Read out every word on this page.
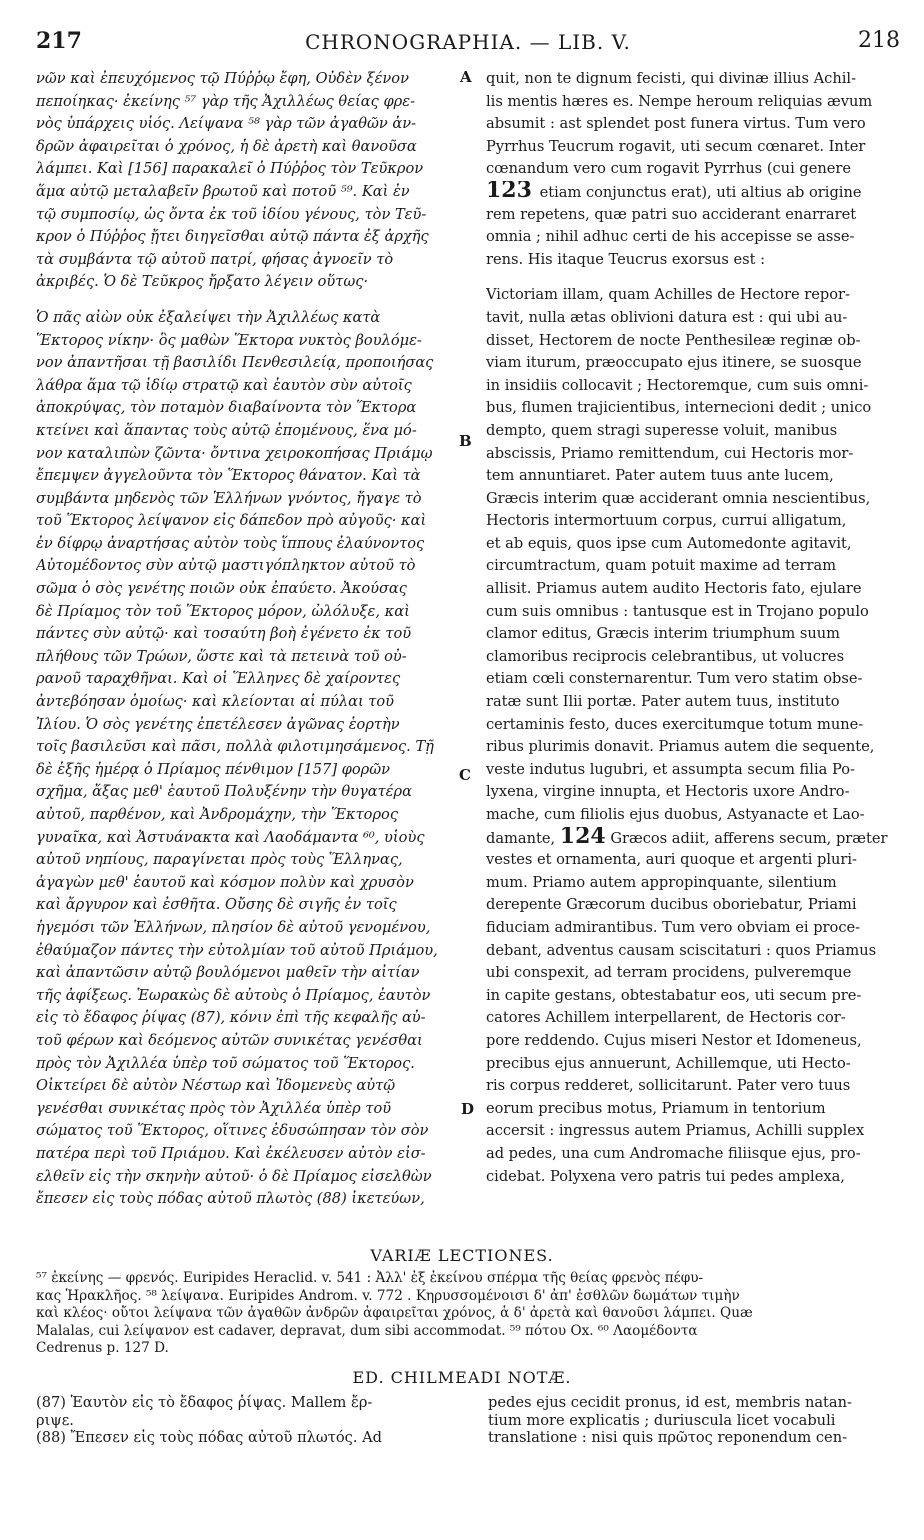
217	CHRONOGRAPHIA. — LIB. V.	218
νῶν καὶ ἐπευχόμενος τῷ Πύῤῥῳ ἔφη, Οὐδὲν ξένον
πεποίηκας· ἐκείνης ⁵⁷ γὰρ τῆς Ἀχιλλέως θείας φρε-
νὸς ὑπάρχεις υἱός. Λείψανα ⁵⁸ γὰρ τῶν ἀγαθῶν ἀν-
δρῶν ἀφαιρεῖται ὁ χρόνος, ἡ δὲ ἀρετὴ καὶ θανοῦσα
λάμπει. Καὶ [156] παρακαλεῖ ὁ Πύῤῥος τὸν Τεῦκρον
ἅμα αὐτῷ μεταλαβεῖν βρωτοῦ καὶ ποτοῦ ⁵⁹. Καὶ ἐν
τῷ συμποσίῳ, ὡς ὄντα ἐκ τοῦ ἰδίου γένους, τὸν Τεῦ-
κρον ὁ Πύῤῥος ᾔτει διηγεῖσθαι αὐτῷ πάντα ἐξ ἀρχῆς
τὰ συμβάντα τῷ αὐτοῦ πατρί, φήσας ἀγνοεῖν τὸ
ἀκριβές. Ὁ δὲ Τεῦκρος ἤρξατο λέγειν οὕτως·
Ὁ πᾶς αἰὼν οὐκ ἐξαλείψει τὴν Ἀχιλλέως κατὰ
Ἕκτορος νίκην· ὃς μαθὼν Ἕκτορα νυκτὸς βουλόμε-
νον ἀπαντῆσαι τῇ βασιλίδι Πενθεσιλείᾳ, προποιήσας
λάθρα ἅμα τῷ ἰδίῳ στρατῷ καὶ ἑαυτὸν σὺν αὐτοῖς
ἀποκρύψας, τὸν ποταμὸν διαβαίνοντα τὸν Ἕκτορα
κτείνει καὶ ἅπαντας τοὺς αὐτῷ ἑπομένους, ἕνα μό-
νον καταλιπὼν ζῶντα· ὄντινα χειροκοπήσας Πριάμῳ
ἔπεμψεν ἀγγελοῦντα τὸν Ἕκτορος θάνατον. Καὶ τὰ
συμβάντα μηδενὸς τῶν Ἑλλήνων γνόντος, ἤγαγε τὸ
τοῦ Ἕκτορος λείψανον εἰς δάπεδον πρὸ αὐγοῦς· καὶ
ἐν δίφρῳ ἀναρτήσας αὐτὸν τοὺς ἵππους ἐλαύνοντος
Αὐτομέδοντος σὺν αὐτῷ μαστιγόπληκτον αὐτοῦ τὸ
σῶμα ὁ σὸς γενέτης ποιῶν οὐκ ἐπαύετο. Ἀκούσας
δὲ Πρίαμος τὸν τοῦ Ἕκτορος μόρον, ὠλόλυξε, καὶ
πάντες σὺν αὐτῷ· καὶ τοσαύτη βοὴ ἐγένετο ἐκ τοῦ
πλήθους τῶν Τρώων, ὥστε καὶ τὰ πετεινὰ τοῦ οὐ-
ρανοῦ ταραχθῆναι. Καὶ οἱ Ἕλληνες δὲ χαίροντες
ἀντεβόησαν ὁμοίως· καὶ κλείονται αἱ πύλαι τοῦ
Ἰλίου. Ὁ σὸς γενέτης ἐπετέλεσεν ἀγῶνας ἑορτὴν
τοῖς βασιλεῦσι καὶ πᾶσι, πολλὰ φιλοτιμησάμενος. Τῇ
δὲ ἑξῆς ἡμέρᾳ ὁ Πρίαμος πένθιμον [157] φορῶν
σχῆμα, ἄξας μεθ' ἑαυτοῦ Πολυξένην τὴν θυγατέρα
αὐτοῦ, παρθένον, καὶ Ἀνδρομάχην, τὴν Ἕκτορος
γυναῖκα, καὶ Ἀστυάνακτα καὶ Λαοδάμαντα ⁶⁰, υἱοὺς
αὐτοῦ νηπίους, παραγίνεται πρὸς τοὺς Ἕλληνας,
ἀγαγὼν μεθ' ἑαυτοῦ καὶ κόσμον πολὺν καὶ χρυσὸν
καὶ ἄργυρον καὶ ἐσθῆτα. Οὔσης δὲ σιγῆς ἐν τοῖς
ἡγεμόσι τῶν Ἑλλήνων, πλησίον δὲ αὐτοῦ γενομένου,
ἐθαύμαζον πάντες τὴν εὐτολμίαν τοῦ αὐτοῦ Πριάμου,
καὶ ἀπαντῶσιν αὐτῷ βουλόμενοι μαθεῖν τὴν αἰτίαν
τῆς ἀφίξεως. Ἑωρακὼς δὲ αὐτοὺς ὁ Πρίαμος, ἑαυτὸν
εἰς τὸ ἔδαφος ῥίψας (87), κόνιν ἐπὶ τῆς κεφαλῆς αὐ-
τοῦ φέρων καὶ δεόμενος αὐτῶν συνικέτας γενέσθαι
πρὸς τὸν Ἀχιλλέα ὑπὲρ τοῦ σώματος τοῦ Ἕκτορος.
Οἰκτείρει δὲ αὐτὸν Νέστωρ καὶ Ἰδομενεὺς αὐτῷ
γενέσθαι συνικέτας πρὸς τὸν Ἀχιλλέα ὑπὲρ τοῦ
σώματος τοῦ Ἕκτορος, οἵτινες ἐδυσώπησαν τὸν σὸν
πατέρα περὶ τοῦ Πριάμου. Καὶ ἐκέλευσεν αὐτὸν εἰσ-
ελθεῖν εἰς τὴν σκηνὴν αὐτοῦ· ὁ δὲ Πρίαμος εἰσελθὼν
ἔπεσεν εἰς τοὺς πόδας αὐτοῦ πλωτὸς (88) ἱκετεύων,
quit, non te dignum fecisti, qui divinæ illius Achil-
lis mentis hæres es. Nempe heroum reliquias ævum
absumit : ast splendet post funera virtus. Tum vero
Pyrrhus Teucrum rogavit, uti secum cœnaret. Inter
cœnandum vero cum rogavit Pyrrhus (cui genere
123 etiam conjunctus erat), uti altius ab origine
rem repetens, quæ patri suo acciderant enarraret
omnia ; nihil adhuc certi de his accepisse se asse-
rens. His itaque Teucrus exorsus est :
Victoriam illam, quam Achilles de Hectore repor-
tavit, nulla ætas oblivioni datura est : qui ubi au-
disset, Hectorem de nocte Penthesileæ reginæ ob-
viam iturum, præoccupato ejus itinere, se suosque
in insidiis collocavit ; Hectoremque, cum suis omni-
bus, flumen trajicientibus, internecioni dedit ; unico
dempto, quem stragi superesse voluit, manibus
abscissis, Priamo remittendum, cui Hectoris mor-
tem annuntiaret. Pater autem tuus ante lucem,
Græcis interim quæ acciderant omnia nescientibus,
Hectoris intermortuum corpus, currui alligatum,
et ab equis, quos ipse cum Automedonte agitavit,
circumtractum, quam potuit maxime ad terram
allisit. Priamus autem audito Hectoris fato, ejulare
cum suis omnibus : tantusque est in Trojano populo
clamor editus, Græcis interim triumphum suum
clamoribus reciprocis celebrantibus, ut volucres
etiam cœli consternarentur. Tum vero statim obse-
ratæ sunt Ilii portæ. Pater autem tuus, instituto
certaminis festo, duces exercitumque totum mune-
ribus plurimis donavit. Priamus autem die sequente,
veste indutus lugubri, et assumpta secum filia Po-
lyxena, virgine innupta, et Hectoris uxore Andro-
mache, cum filiolis ejus duobus, Astyanacte et Lao-
damante, 124 Græcos adiit, afferens secum, præter
vestes et ornamenta, auri quoque et argenti pluri-
mum. Priamo autem appropinquante, silentium
derepente Græcorum ducibus oboriebatur, Priami
fiduciam admirantibus. Tum vero obviam ei proce-
debant, adventus causam sciscitaturi : quos Priamus
ubi conspexit, ad terram procidens, pulveremque
in capite gestans, obtestabatur eos, uti secum pre-
catores Achillem interpellarent, de Hectoris cor-
pore reddendo. Cujus miseri Nestor et Idomeneus,
precibus ejus annuerunt, Achillemque, uti Hecto-
ris corpus redderet, sollicitarunt. Pater vero tuus
eorum precibus motus, Priamum in tentorium
accersit : ingressus autem Priamus, Achilli supplex
ad pedes, una cum Andromache filiisque ejus, pro-
cidebat. Polyxena vero patris tui pedes amplexa,
A
B
C
D
VARIÆ LECTIONES.
⁵⁷ ἐκείνης — φρενός. Euripides Heraclid. v. 541 : Ἀλλ' ἐξ ἐκείνου σπέρμα τῆς θείας φρενὸς πέφυ-
κας Ἡρακλῆος. ⁵⁸ λείψανα. Euripides Androm. v. 772 . Κηρυσσομένοισι δ' ἀπ' ἐσθλῶν δωμάτων τιμὴν
καὶ κλέος· οὔτοι λείψανα τῶν ἀγαθῶν ἀνδρῶν ἀφαιρεῖται χρόνος, ἁ δ' ἀρετὰ καὶ θανοῦσι λάμπει. Quæ
Malalas, cui λείψανον est cadaver, depravat, dum sibi accommodat. ⁵⁹ πότου Ox. ⁶⁰ Λαομέδοντα
Cedrenus p. 127 D.
ED. CHILMEADI NOTÆ.
(87) Ἑαυτὸν εἰς τὸ ἔδαφος ῥίψας. Mallem ἔρ-
ριψε.
(88) Ἔπεσεν εἰς τοὺς πόδας αὐτοῦ πλωτός. Ad
pedes ejus cecidit pronus, id est, membris natan-
tium more explicatis ; duriuscula licet vocabuli
translatione : nisi quis πρῶτος reponendum cen-
